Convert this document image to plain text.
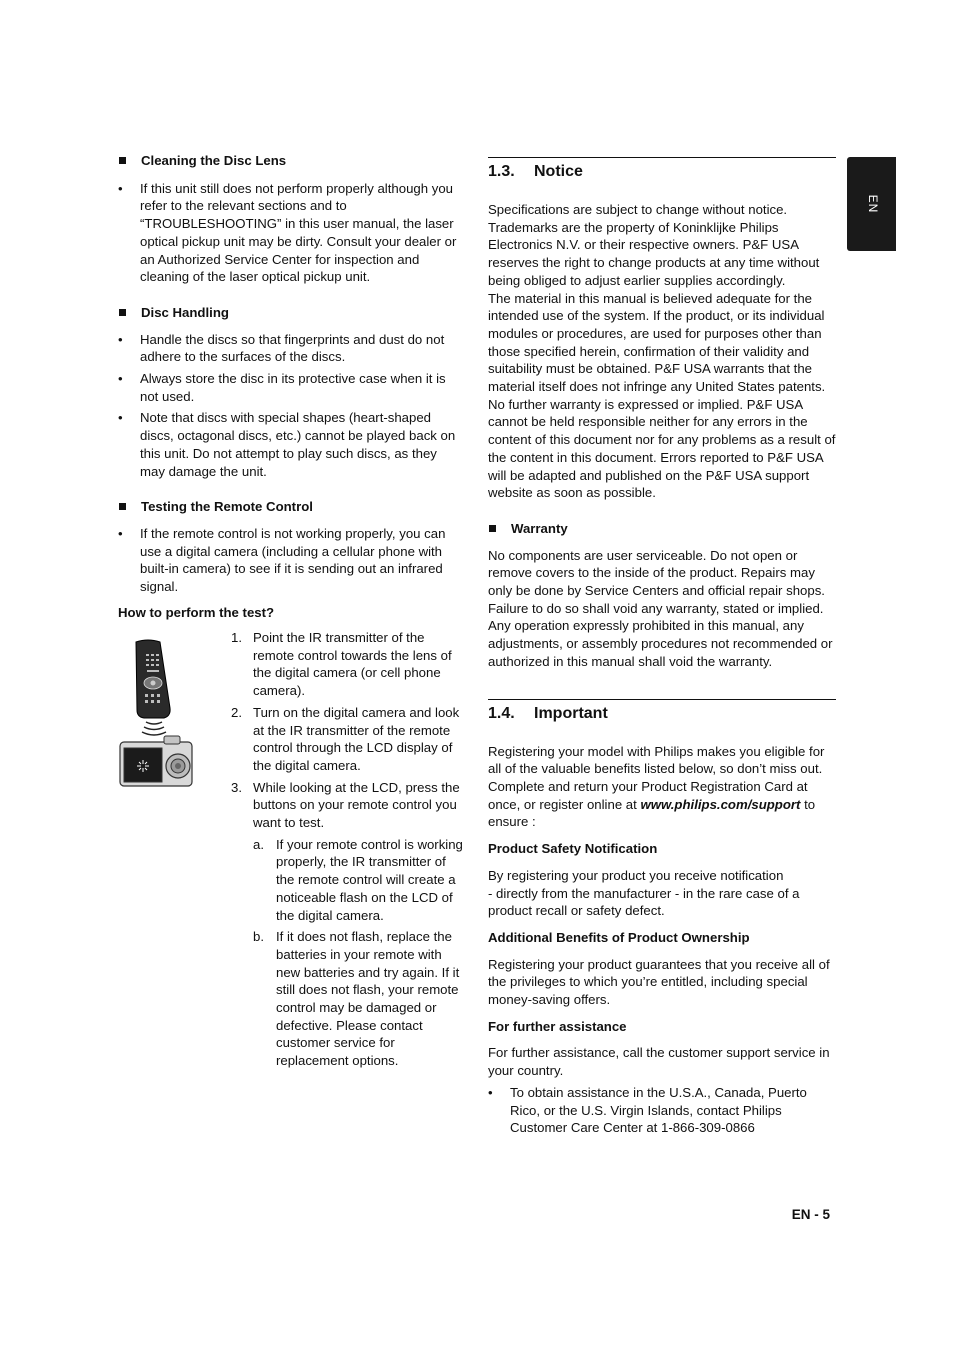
EN

Cleaning the Disc Lens

• If this unit still does not perform properly although you refer to the relevant sections and to “TROUBLESHOOTING” in this user manual, the laser optical pickup unit may be dirty. Consult your dealer or an Authorized Service Center for inspection and cleaning of the laser optical pickup unit.

Disc Handling

• Handle the discs so that fingerprints and dust do not adhere to the surfaces of the discs.
• Always store the disc in its protective case when it is not used.
• Note that discs with special shapes (heart-shaped discs, octagonal discs, etc.) cannot be played back on this unit. Do not attempt to play such discs, as they may damage the unit.

Testing the Remote Control

• If the remote control is not working properly, you can use a digital camera (including a cellular phone with built-in camera) to see if it is sending out an infrared signal.

How to perform the test?

1. Point the IR transmitter of the remote control towards the lens of the digital camera (or cell phone camera).
2. Turn on the digital camera and look at the IR transmitter of the remote control through the LCD display of the digital camera.
3. While looking at the LCD, press the buttons on your remote control you want to test.
a. If your remote control is working properly, the IR transmitter of the remote control will create a noticeable flash on the LCD of the digital camera.
b. If it does not flash, replace the batteries in your remote with new batteries and try again. If it still does not flash, your remote control may be damaged or defective. Please contact customer service for replacement options.
1.3. Notice

Specifications are subject to change without notice. Trademarks are the property of Koninklijke Philips Electronics N.V. or their respective owners. P&F USA reserves the right to change products at any time without being obliged to adjust earlier supplies accordingly.

The material in this manual is believed adequate for the intended use of the system. If the product, or its individual modules or procedures, are used for purposes other than those specified herein, confirmation of their validity and suitability must be obtained. P&F USA warrants that the material itself does not infringe any United States patents. No further warranty is expressed or implied. P&F USA cannot be held responsible neither for any errors in the content of this document nor for any problems as a result of the content in this document. Errors reported to P&F USA will be adapted and published on the P&F USA support website as soon as possible.

Warranty

No components are user serviceable. Do not open or remove covers to the inside of the product. Repairs may only be done by Service Centers and official repair shops. Failure to do so shall void any warranty, stated or implied. Any operation expressly prohibited in this manual, any adjustments, or assembly procedures not recommended or authorized in this manual shall void the warranty.

1.4. Important

Registering your model with Philips makes you eligible for all of the valuable benefits listed below, so don’t miss out. Complete and return your Product Registration Card at once, or register online at www.philips.com/support to ensure :

Product Safety Notification

By registering your product you receive notification

- directly from the manufacturer - in the rare case of a product recall or safety defect.

Additional Benefits of Product Ownership

Registering your product guarantees that you receive all of the privileges to which you’re entitled, including special money-saving offers.

For further assistance

For further assistance, call the customer support service in your country.

• To obtain assistance in the U.S.A., Canada, Puerto Rico, or the U.S. Virgin Islands, contact Philips Customer Care Center at 1-866-309-0866
EN - 5
